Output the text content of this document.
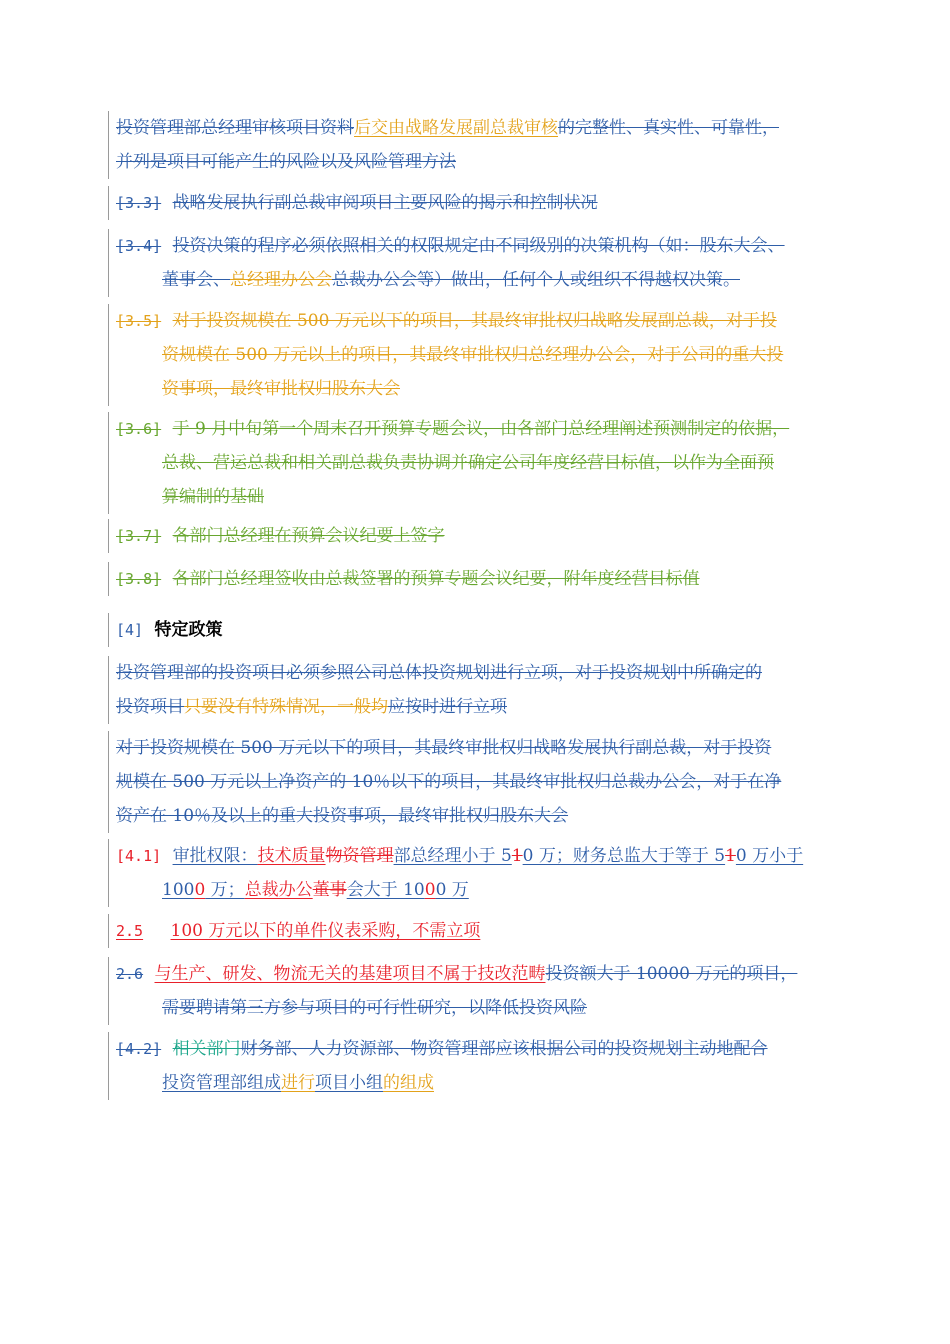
投资管理部总经理审核项目资料后交由战略发展副总裁审核的完整性、真实性、可靠性，
并列是项目可能产生的风险以及风险管理方法
[3.3] 战略发展执行副总裁审阅项目主要风险的揭示和控制状况
[3.4] 投资决策的程序必须依照相关的权限规定由不同级别的决策机构（如：股东大会、
董事会、总经理办公会总裁办公会等）做出，任何个人或组织不得越权决策。
[3.5] 对于投资规模在 500 万元以下的项目，其最终审批权归战略发展副总裁，对于投
资规模在 500 万元以上的项目，其最终审批权归总经理办公会，对于公司的重大投
资事项，最终审批权归股东大会
[3.6] 于 9 月中旬第一个周末召开预算专题会议，由各部门总经理阐述预测制定的依据，
总裁、营运总裁和相关副总裁负责协调并确定公司年度经营目标值，以作为全面预
算编制的基础
[3.7] 各部门总经理在预算会议纪要上签字
[3.8] 各部门总经理签收由总裁签署的预算专题会议纪要，附年度经营目标值
[4] 特定政策
投资管理部的投资项目必须参照公司总体投资规划进行立项，对于投资规划中所确定的
投资项目只要没有特殊情况，一般均应按时进行立项
对于投资规模在 500 万元以下的项目，其最终审批权归战略发展执行副总裁，对于投资
规模在 500 万元以上净资产的 10％以下的项目，其最终审批权归总裁办公会，对于在净
资产在 10％及以上的重大投资事项，最终审批权归股东大会
[4.1] 审批权限：技术质量物资管理部总经理小于 510 万；财务总监大于等于 510 万小于
1000 万；总裁办公董事会大于 1000 万
2.5 100 万元以下的单件仪表采购，不需立项
2.6 与生产、研发、物流无关的基建项目不属于技改范畴投资额大于 10000 万元的项目，
需要聘请第三方参与项目的可行性研究，以降低投资风险
[4.2] 相关部门财务部、人力资源部、物资管理部应该根据公司的投资规划主动地配合
投资管理部组成进行项目小组的组成
